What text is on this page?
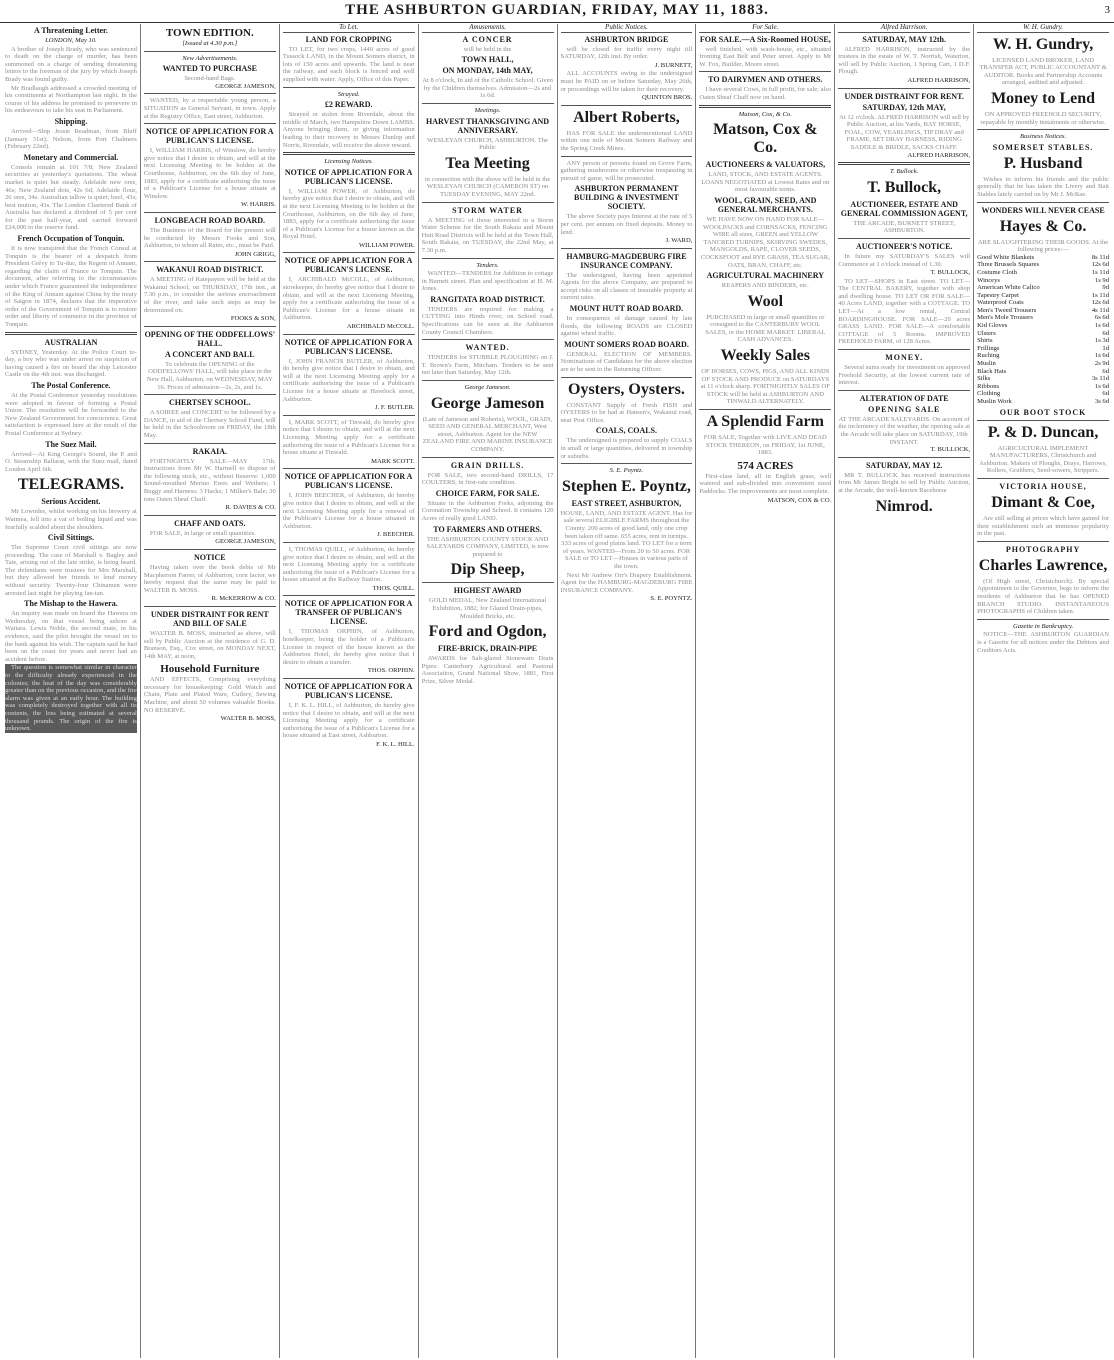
THE ASHBURTON GUARDIAN, FRIDAY, MAY 11, 1883.	3
A Threatening Letter.
LONDON, May 10.
A brother of Joseph Brady, who was sentenced to death on the charge of murder, has been summoned on a charge of sending threatening letters to the foreman of the jury by which Joseph Brady was found guilty.
Mr Bradlaugh addressed a crowded meeting of his constituents at Northampton last night. In the course of his address he promised to persevere in his endeavours to take his seat in Parliament.
Shipping.
Arrived—Ship Jessie Readman, from Bluff (January 31st); Nelson, from Port Chalmers (February 22nd).
Monetary and Commercial.
Consols remain at 101 7/8; New Zealand securities at yesterday's quotations. The wheat market is quiet but steady. Adelaide new ores, 46s; New Zealand dots, 42s 6d; Adelaide flour, 26 ores, 34s. Australian tallow is quiet; beef, 43s; best mutton, 43s. The London Chartered Bank of Australia has declared a dividend of 5 per cent for the past half-year, and carried forward £24,000 to the reserve fund.
French Occupation of Tonquin.
It is now transpired that the French Consul at Tonquin is the bearer of a despatch from President Grévy to Tu-duc, the Regent of Annam, regarding the claim of France to Tonquin. The document, after referring to the circumstances under which France guaranteed the independence of the King of Annam against China by the treaty of Saigon in 1874, declares that the imperative order of the Government of Tonquin is to restore order and liberty of commerce in the province of Tonquin.
AUSTRALIAN
SYDNEY, Yesterday. At the Police Court to-day, a boy who was under arrest on suspicion of having caused a fire on board the ship Leicester Castle on the 4th inst. was discharged.
The Postal Conference.
At the Postal Conference yesterday resolutions were adopted in favour of forming a Postal Union. The resolution will be forwarded to the New Zealand Government for concurrence. Great satisfaction is expressed here at the result of the Postal Conference at Sydney.
The Suez Mail.
Arrived—At King George's Sound, the P. and O. Steamship Ballarat, with the Suez mail, dated London April 6th.
TELEGRAMS.
Serious Accident.
Mr Lowndes, whilst working on his brewery at Waimea, fell into a vat of boiling liquid and was fearfully scalded about the shoulders.
Civil Sittings.
The Supreme Court civil sittings are now proceeding. The case of Marshall v. Bagley and Tate, arising out of the late strike, is being heard. The defendants were trustees for Mrs Marshall, but they allowed her friends to lend money without security. Twenty-four Chinamen were arrested last night for playing fan-tan.
The Mishap to the Hawera.
An inquiry was made on board the Hawera on Wednesday, on that vessel being ashore at Waitara. Lewis Noble, the second mate, in his evidence, said the pilot brought the vessel on to the bank against his wish. The captain said he had been on the coast for years and never had an accident before.
The question is somewhat similar in character to the difficulty already experienced in the colonies; the heat of the day was considerably greater than on the previous occasion, and the fire alarm was given at an early hour. The building was completely destroyed together with all its contents, the loss being estimated at several thousand pounds. The origin of the fire is unknown.
TOWN EDITION.
[Issued at 4.30 p.m.]
New Advertisements.
WANTED TO PURCHASE
Second-hand Bags.
GEORGE JAMESON,
WANTED, by a respectable young person, a SITUATION as General Servant, in town. Apply at the Registry Office, East street, Ashburton.
NOTICE OF APPLICATION FOR A PUBLICAN'S LICENSE.
I, WILLIAM HARRIS, of Winslow, do hereby give notice that I desire to obtain, and will at the next Licensing Meeting to be holden at the Courthouse, Ashburton, on the 6th day of June, 1883, apply for a certificate authorising the issue of a Publican's License for a house situate at Winslow.
W. HARRIS.
LONGBEACH ROAD BOARD.
The Business of the Board for the present will be conducted by Messrs Fooks and Son, Ashburton, to whom all Rates, etc., must be Paid.
JOHN GRIGG,
WAKANUI ROAD DISTRICT.
A MEETING of Ratepayers will be held at the Wakanui School, on THURSDAY, 17th inst., at 7.30 p.m., to consider the serious encroachment of the river, and take such steps as may be determined on.
FOOKS & SON,
OPENING OF THE ODDFELLOWS' HALL.
A CONCERT AND BALL
To celebrate the OPENING of the ODDFELLOWS' HALL, will take place in the New Hall, Ashburton, on WEDNESDAY, MAY 16. Prices of admission—2s, 2s, and 1s.
CHERTSEY SCHOOL.
A SOIREE and CONCERT to be followed by a DANCE, in aid of the Chertsey School Fund, will be held in the Schoolroom on FRIDAY, the 18th May.
RAKAIA.
FORTNIGHTLY SALE—MAY 17th. Instructions from Mr W. Hartnell to dispose of the following stock, etc., without Reserve: 1,000 Sound-mouthed Merino Ewes and Wethers; 1 Buggy and Harness; 3 Hacks; 1 Milker's Bale; 30 tons Oaten Sheaf Chaff.
R. DAVIES & CO.
CHAFF AND OATS.
FOR SALE, in large or small quantities.
GEORGE JAMESON,
NOTICE
Having taken over the book debts of Mr Macpherson Farrer, of Ashburton, corn factor, we hereby request that the same may be paid to WALTER B. MOSS.
R. McKERROW & CO.
UNDER DISTRAINT FOR RENT AND BILL OF SALE
WALTER B. MOSS, instructed as above, will sell by Public Auction at the residence of G. D. Branson, Esq., Cox street, on MONDAY NEXT, 14th MAY, at noon,
Household Furniture
AND EFFECTS, Comprising everything necessary for housekeeping: Gold Watch and Chain, Plate and Plated Ware, Cutlery, Sewing Machine, and about 50 volumes valuable Books. NO RESERVE.
WALTER B. MOSS,
To Let.
LAND FOR CROPPING
TO LET, for two crops, 1440 acres of good Tussock LAND, in the Mount Somers district, in lots of 150 acres and upwards. The land is near the railway, and each block is fenced and well supplied with water. Apply, Office of this Paper.
Strayed.
£2 REWARD.
Strayed or stolen from Riverdale, about the middle of March, two Hampshire Down LAMBS. Anyone bringing them, or giving information leading to their recovery to Messrs Dunlop and Norris, Riverdale, will receive the above reward.
Licensing Notices.
NOTICE OF APPLICATION FOR A PUBLICAN'S LICENSE.
I, WILLIAM POWER, of Ashburton, do hereby give notice that I desire to obtain, and will at the next Licensing Meeting to be holden at the Courthouse, Ashburton, on the 6th day of June, 1883, apply for a certificate authorising the issue of a Publican's License for a house known as the Royal Hotel.
WILLIAM POWER.
NOTICE OF APPLICATION FOR A PUBLICAN'S LICENSE.
I, ARCHIBALD McCOLL, of Ashburton, storekeeper, do hereby give notice that I desire to obtain, and will at the next Licensing Meeting, apply for a certificate authorising the issue of a Publican's License for a house situate in Ashburton.
ARCHIBALD McCOLL.
NOTICE OF APPLICATION FOR A PUBLICAN'S LICENSE.
I, JOHN FRANCIS BUTLER, of Ashburton, do hereby give notice that I desire to obtain, and will at the next Licensing Meeting apply for a certificate authorising the issue of a Publican's License for a house situate at Havelock street, Ashburton.
J. F. BUTLER.
I, MARK SCOTT, of Tinwald, do hereby give notice that I desire to obtain, and will at the next Licensing Meeting apply for a certificate authorising the issue of a Publican's License for a house situate at Tinwald.
MARK SCOTT.
NOTICE OF APPLICATION FOR A PUBLICAN'S LICENSE.
I, JOHN BEECHER, of Ashburton, do hereby give notice that I desire to obtain, and will at the next Licensing Meeting apply for a renewal of the Publican's License for a house situated in Ashburton.
J. BEECHER.
I, THOMAS QUILL, of Ashburton, do hereby give notice that I desire to obtain, and will at the next Licensing Meeting apply for a certificate authorising the issue of a Publican's License for a house situated at the Railway Station.
THOS. QUILL.
NOTICE OF APPLICATION FOR A TRANSFER OF PUBLICAN'S LICENSE.
I, THOMAS ORPHIN, of Ashburton, hotelkeeper, being the holder of a Publican's License in respect of the house known as the Ashburton Hotel, do hereby give notice that I desire to obtain a transfer.
THOS. ORPHIN.
NOTICE OF APPLICATION FOR A PUBLICAN'S LICENSE.
I, F. K. L. HILL, of Ashburton, do hereby give notice that I desire to obtain, and will at the next Licensing Meeting apply for a certificate authorising the issue of a Publican's License for a house situated at East street, Ashburton.
F. K. L. HILL.
Amusements.
A CONCER
will be held in the
TOWN HALL,
ON MONDAY, 14th MAY,
At 8 o'clock, In aid of the Catholic School. Given by the Children themselves. Admission—2s and 1s 6d.
Meetings.
HARVEST THANKSGIVING AND ANNIVERSARY.
WESLEYAN CHURCH, ASHBURTON. The Public
Tea Meeting
in connection with the above will be held in the WESLEYAN CHURCH (CAMERON ST) on TUESDAY EVENING, MAY 22nd.
STORM WATER
A MEETING of those interested in a Storm Water Scheme for the South Rakaia and Mount Hutt Road Districts will be held at the Town Hall, South Rakaia, on TUESDAY, the 22nd May, at 7.30 p.m.
Tenders.
WANTED—TENDERS for Addition to cottage in Burnett street. Plan and specification at H. M. Jones.
RANGITATA ROAD DISTRICT.
TENDERS are required for making a CUTTING into Hinds river, on School road. Specifications can be seen at the Ashburton County Council Chambers.
WANTED.
TENDERS for STUBBLE PLOUGHING on J. T. Brown's Farm, Mitcham. Tenders to be sent not later than Saturday, May 12th.
George Jameson.
George Jameson
(Late of Jameson and Roberts), WOOL, GRAIN, SEED AND GENERAL MERCHANT, West street, Ashburton. Agent for the NEW ZEALAND FIRE AND MARINE INSURANCE COMPANY.
GRAIN DRILLS.
FOR SALE, two second-hand DRILLS, 17 COULTERS, in first-rate condition.
CHOICE FARM, FOR SALE.
Situate in the Ashburton Forks, adjoining the Coronation Township and School. It contains 120 Acres of really good LAND.
TO FARMERS AND OTHERS.
THE ASHBURTON COUNTY STOCK AND SALEYARDS COMPANY, LIMITED, is now prepared to
Dip Sheep,
HIGHEST AWARD
GOLD MEDAL, New Zealand International Exhibition, 1882, for Glazed Drain-pipes, Moulded Bricks, etc.
Ford and Ogdon,
FIRE-BRICK, DRAIN-PIPE
AWARDS for Salt-glazed Stoneware Drain Pipes: Canterbury Agricultural and Pastoral Association, Grand National Show, 1881, First Prize, Silver Medal.
Public Notices.
ASHBURTON BRIDGE
will be closed for traffic every night till SATURDAY, 12th inst. By order.
J. BURNETT,
ALL ACCOUNTS owing to the undersigned must be PAID on or before Saturday, May 26th, or proceedings will be taken for their recovery.
QUINTON BROS.
Albert Roberts,
HAS FOR SALE the undermentioned LAND within one mile of Mount Somers Railway and the Spring Creek Mines.
ANY person or persons found on Grove Farm, gathering mushrooms or otherwise trespassing in pursuit of game, will be prosecuted.
ASHBURTON PERMANENT BUILDING & INVESTMENT SOCIETY.
The above Society pays Interest at the rate of 5 per cent. per annum on fixed deposits. Money to lend.
J. WARD,
HAMBURG-MAGDEBURG FIRE INSURANCE COMPANY.
The undersigned, having been appointed Agents for the above Company, are prepared to accept risks on all classes of insurable property at current rates.
MOUNT HUTT ROAD BOARD.
In consequence of damage caused by late floods, the following ROADS are CLOSED against wheel traffic.
MOUNT SOMERS ROAD BOARD.
GENERAL ELECTION OF MEMBERS. Nominations of Candidates for the above election are to be sent to the Returning Officer.
Oysters, Oysters.
CONSTANT Supply of Fresh FISH and OYSTERS to be had at Hansen's, Wakanui road, near Post Office.
COALS, COALS.
The undersigned is prepared to supply COALS in small or large quantities, delivered in township or suburbs.
S. E. Poyntz.
Stephen E. Poyntz,
EAST STREET, ASHBURTON,
HOUSE, LAND, AND ESTATE AGENT. Has for sale several ELIGIBLE FARMS throughout the County. 200 acres of good land, only one crop been taken off same. 655 acres, rent in turnips. 333 acres of good plains land. TO LET for a term of years. WANTED—From 20 to 50 acres. FOR SALE or TO LET—Houses in various parts of the town.
Next Mr Andrew Orr's Drapery Establishment. Agent for the HAMBURG-MAGDEBURG FIRE INSURANCE COMPANY.
S. E. POYNTZ.
For Sale.
FOR SALE.—A Six-Roomed HOUSE,
well finished, with wash-house, etc., situated fronting East Belt and Peter street. Apply to Mr W. Fox, Builder, Moore street.
TO DAIRYMEN AND OTHERS.
I have several Cows, in full profit, for sale; also Oaten Sheaf Chaff now on hand.
Matson, Cox, & Co.
Matson, Cox & Co.
AUCTIONEERS & VALUATORS,
LAND, STOCK, AND ESTATE AGENTS. LOANS NEGOTIATED at Lowest Rates and on most favourable terms.
WOOL, GRAIN, SEED, AND GENERAL MERCHANTS.
WE HAVE NOW ON HAND FOR SALE— WOOLPACKS and CORNSACKS, FENCING WIRE all sizes, GREEN and YELLOW TANCRED TURNIPS, SKIRVING SWEDES, MANGOLDS, RAPE, CLOVER SEEDS, COCKSFOOT and RYE GRASS, TEA SUGAR, OATS, BRAN, CHAFF, etc.
AGRICULTURAL MACHINERY
REAPERS AND BINDERS, etc.
Wool
PURCHASED in large or small quantities or consigned to the CANTERBURY WOOL SALES, or the HOME MARKET. LIBERAL CASH ADVANCES.
Weekly Sales
OF HORSES, COWS, PIGS, AND ALL KINDS OF STOCK AND PRODUCE on SATURDAYS at 11 o'clock sharp. FORTNIGHTLY SALES OF STOCK will be held at ASHBURTON AND TINWALD ALTERNATELY.
A Splendid Farm
FOR SALE, Together with LIVE AND DEAD STOCK THEREON, on FRIDAY, 1st JUNE, 1883.
574 ACRES
First-class land, all in English grass, well watered and sub-divided into convenient sized Paddocks. The improvements are most complete.
MATSON, COX & CO.
Alfred Harrison.
SATURDAY, MAY 12th.
ALFRED HARRISON, instructed by the trustees in the estate of W. T. Norrish, Waterton, will sell by Public Auction, 1 Spring Cart, 1 D.F. Plough.
ALFRED HARRISON,
UNDER DISTRAINT FOR RENT.
SATURDAY, 12th MAY,
At 12 o'clock. ALFRED HARRISON will sell by Public Auction, at his Yards, BAY HORSE, FOAL, COW, YEARLINGS, TIP DRAY and FRAME, SET DRAY HARNESS, RIDING SADDLE & BRIDLE, SACKS CHAFF.
ALFRED HARRISON,
T. Bullock.
T. Bullock,
AUCTIONEER, ESTATE AND GENERAL COMMISSION AGENT,
THE ARCADE, BURNETT STREET, ASHBURTON.
AUCTIONEER'S NOTICE.
In future my SATURDAY'S SALES will Commence at 1 o'clock instead of 1.30.
T. BULLOCK,
TO LET—SHOPS in East street. TO LET—The CENTRAL BAKERY, together with shop and dwelling house. TO LET OR FOR SALE—40 Acres LAND, together with a COTTAGE. TO LET—At a low rental, Central BOARDINGHOUSE. FOR SALE—20 acres GRASS LAND. FOR SALE—A comfortable COTTAGE of 5 Rooms. IMPROVED FREEHOLD FARM, of 128 Acres.
MONEY.
Several sums ready for investment on approved Freehold Security, at the lowest current rate of interest.
ALTERATION OF DATE
OPENING SALE
AT THE ARCADE SALEYARDS. On account of the inclemency of the weather, the opening sale at the Arcade will take place on SATURDAY, 19th INSTANT.
T. BULLOCK,
SATURDAY, MAY 12.
MR T. BULLOCK has received instructions from Mr James Bright to sell by Public Auction, at the Arcade, the well-known Racehorse
Nimrod.
W. H. Gundry.
W. H. Gundry,
LICENSED LAND BROKER, LAND TRANSFER ACT, PUBLIC ACCOUNTANT & AUDITOR. Books and Partnership Accounts arranged, audited and adjusted.
Money to Lend
ON APPROVED FREEHOLD SECURITY, repayable by monthly instalments or otherwise.
Business Notices.
SOMERSET STABLES.
P. Husband
Wishes to inform his friends and the public generally that he has taken the Livery and Bait Stables lately carried on by Mr J. McRae.
WONDERS WILL NEVER CEASE
Hayes & Co.
ARE SLAUGHTERING THEIR GOODS. At the following prices:—
Good White Blankets	8s 11d
Three Brussels Squares	12s 6d
Costume Cloth	1s 11d
Winceys	1s 9d
American White Calico	9d
Tapestry Carpet	1s 11d
Waterproof Coats	12s 6d
Men's Tweed Trousers	4s 11d
Men's Mole Trousers	6s 6d
Kid Gloves	1s 6d
Ulsters	6d
Shirts	1s 3d
Frillings	1d
Ruching	1s 6d
Muslin	2s 9d
Black Hats	6d
Silks	3s 11d
Ribbons	1s 6d
Clothing	6d
Muslin Work	3s 6d
OUR BOOT STOCK
P. & D. Duncan,
AGRICULTURAL IMPLEMENT MANUFACTURERS, Christchurch and Ashburton. Makers of Ploughs, Drays, Harrows, Rollers, Grubbers, Seed-sowers, Strippers.
VICTORIA HOUSE,
Dimant & Coe,
Are still selling at prices which have gained for their establishment such an immense popularity in the past.
PHOTOGRAPHY
Charles Lawrence,
(Of High street, Christchurch). By special Appointment to the Governor, begs to inform the residents of Ashburton that he has OPENED BRANCH STUDIO. INSTANTANEOUS PHOTOGRAPHS of Children taken.
Gazette in Bankruptcy.
NOTICE—THE ASHBURTON GUARDIAN is a Gazette for all notices under the Debtors and Creditors Acts.
